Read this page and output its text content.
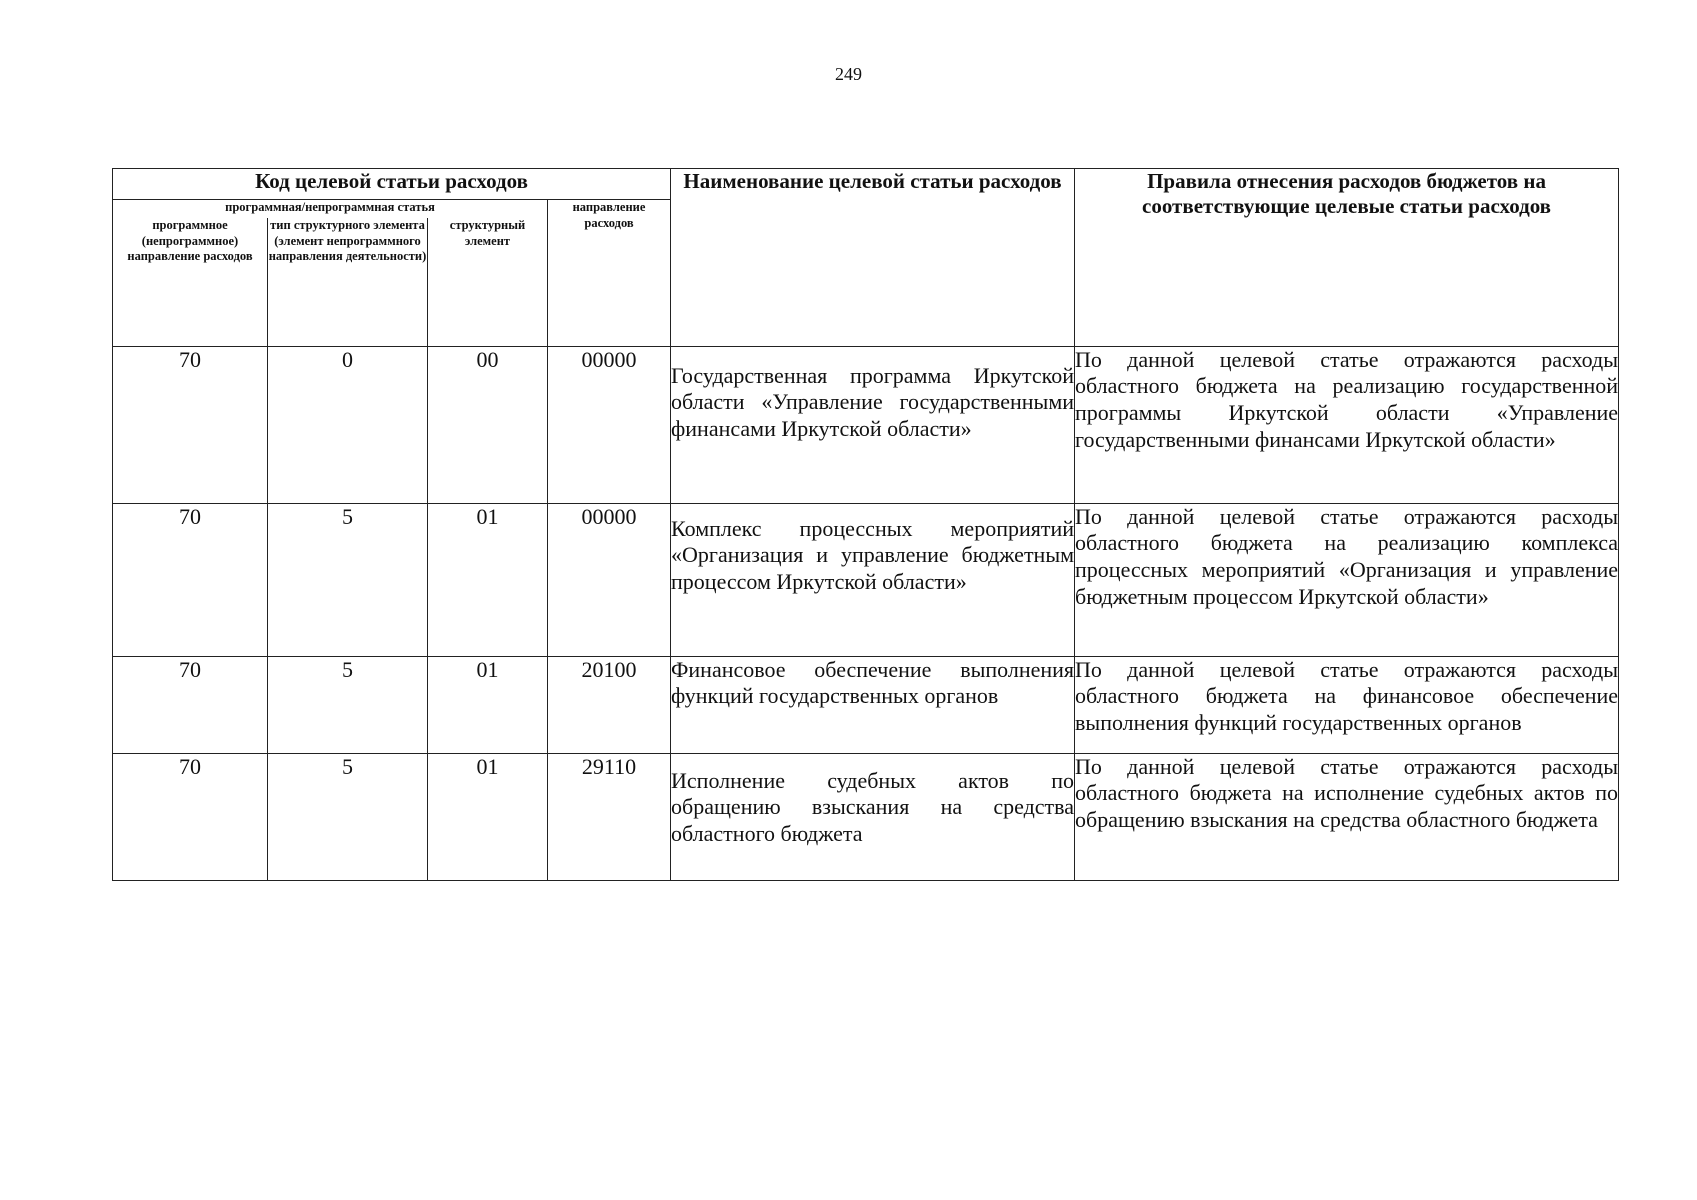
249
Код целевой статьи расходов				Наименование целевой статьи расходов	Правила отнесения расходов бюджетов на соответствующие целевые статьи расходов
программная/непрограммная статья			направление расходов		
программное (непрограммное) направление расходов	тип структурного элемента (элемент непрограммного направления деятельности)	структурный элемент			
70	0	00	00000	Государственная программа Иркутской области «Управление государственными финансами Иркутской области»	По данной целевой статье отражаются расходы областного бюджета на реализацию государственной программы Иркутской области «Управление государственными финансами Иркутской области»
70	5	01	00000	Комплекс процессных мероприятий «Организация и управление бюджетным процессом Иркутской области»	По данной целевой статье отражаются расходы областного бюджета на реализацию комплекса процессных мероприятий «Организация и управление бюджетным процессом Иркутской области»
70	5	01	20100	Финансовое обеспечение выполнения функций государственных органов	По данной целевой статье отражаются расходы областного бюджета на финансовое обеспечение выполнения функций государственных органов
70	5	01	29110	Исполнение судебных актов по обращению взыскания на средства областного бюджета	По данной целевой статье отражаются расходы областного бюджета на исполнение судебных актов по обращению взыскания на средства областного бюджета
